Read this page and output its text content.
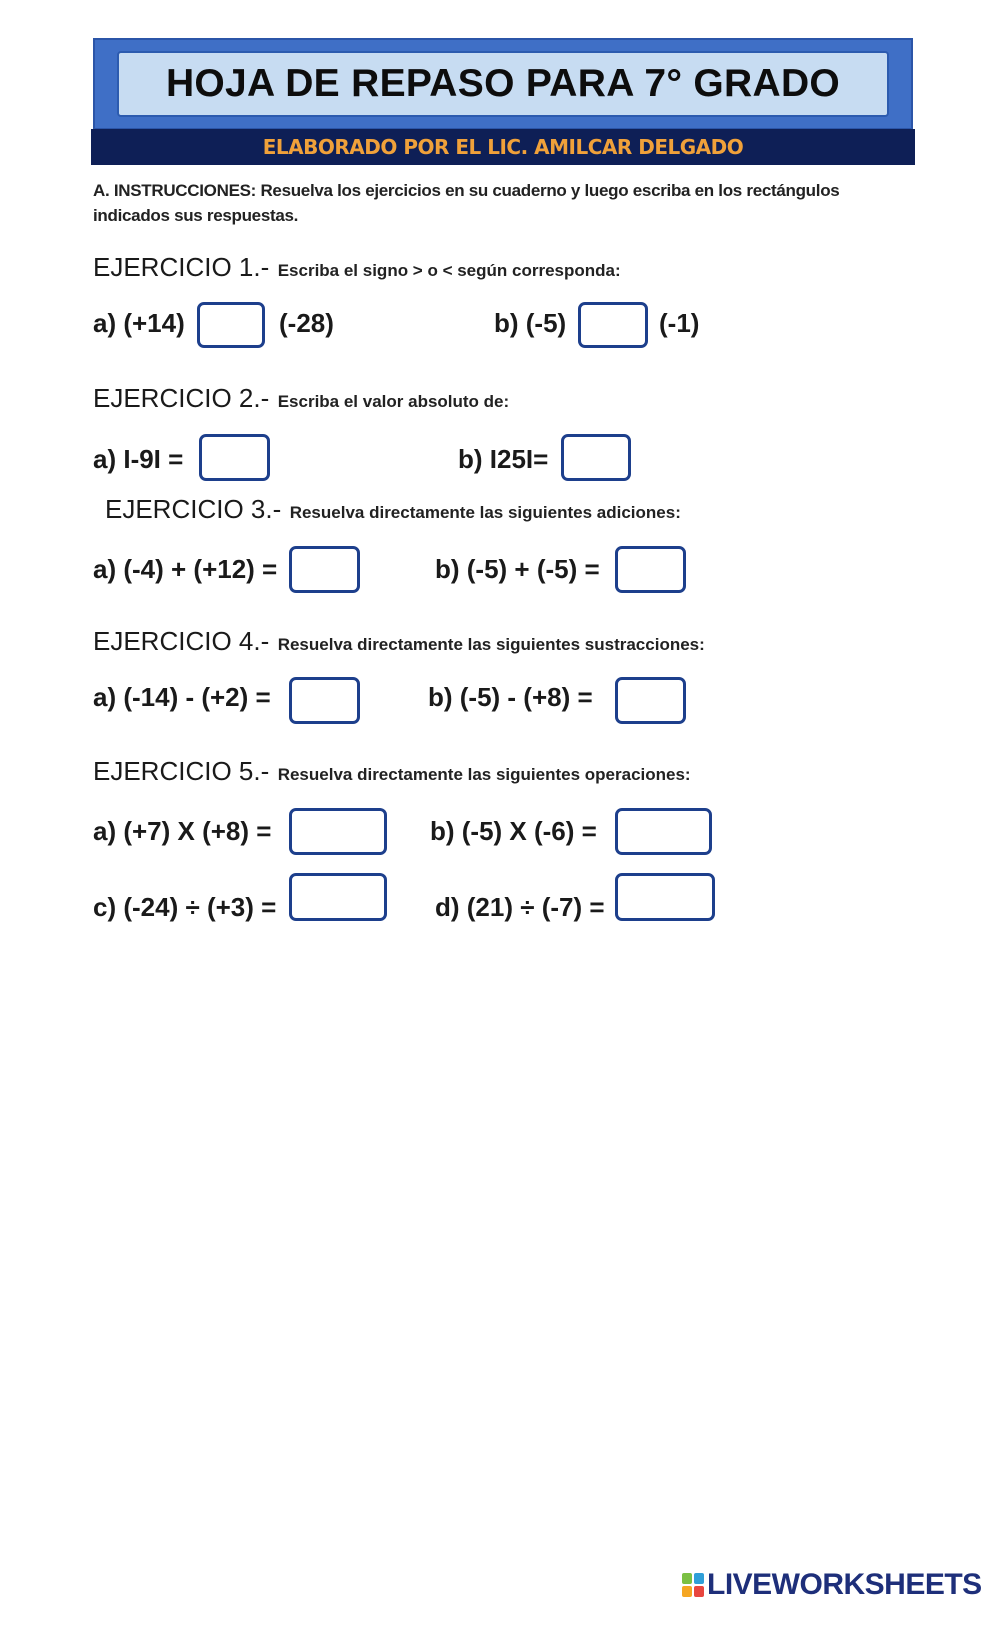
HOJA DE REPASO PARA 7° GRADO
ELABORADO POR EL LIC. AMILCAR DELGADO
A. INSTRUCCIONES: Resuelva los ejercicios en su cuaderno y luego escriba en los rectángulos indicados sus respuestas.
EJERCICIO 1.- Escriba el signo > o < según corresponda:
a) (+14)	(-28)	b) (-5)	(-1)
EJERCICIO 2.- Escriba el valor absoluto de:
a) I-9I =	b) I25I=
EJERCICIO 3.- Resuelva directamente las siguientes adiciones:
a) (-4) + (+12) =	b) (-5) + (-5) =
EJERCICIO 4.- Resuelva directamente las siguientes sustracciones:
a) (-14) - (+2) =	b) (-5) - (+8) =
EJERCICIO 5.- Resuelva directamente las siguientes operaciones:
a) (+7) X (+8) =	b) (-5) X (-6) =
c) (-24) ÷ (+3) =	d) (21) ÷ (-7) =
LIVEWORKSHEETS
